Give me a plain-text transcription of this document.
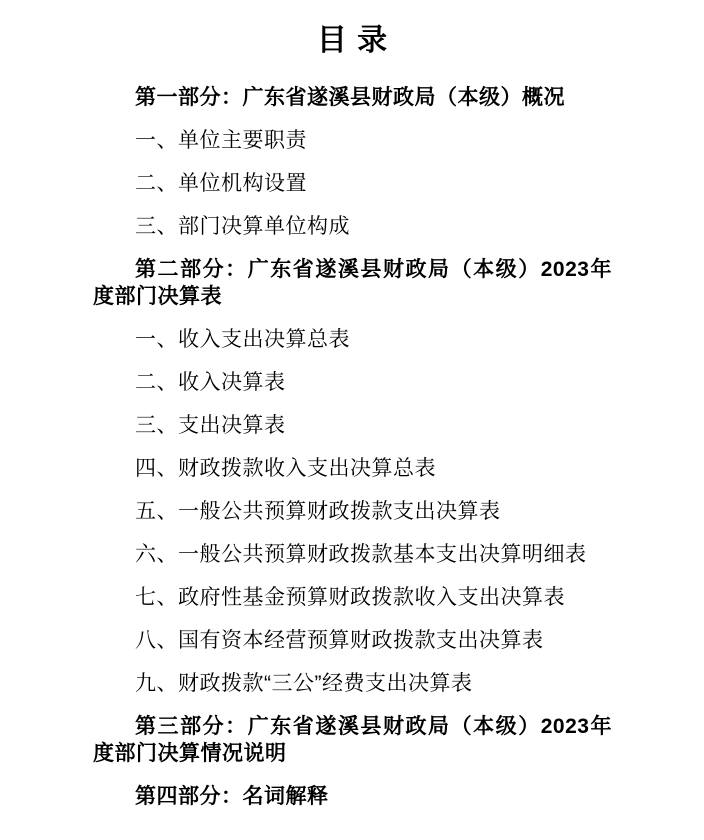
目 录

第一部分：广东省遂溪县财政局（本级）概况

一、单位主要职责

二、单位机构设置

三、部门决算单位构成

第二部分：广东省遂溪县财政局（本级）2023年度部门决算表

一、收入支出决算总表

二、收入决算表

三、支出决算表

四、财政拨款收入支出决算总表

五、一般公共预算财政拨款支出决算表

六、一般公共预算财政拨款基本支出决算明细表

七、政府性基金预算财政拨款收入支出决算表

八、国有资本经营预算财政拨款支出决算表

九、财政拨款“三公”经费支出决算表

第三部分：广东省遂溪县财政局（本级）2023年度部门决算情况说明

第四部分：名词解释
